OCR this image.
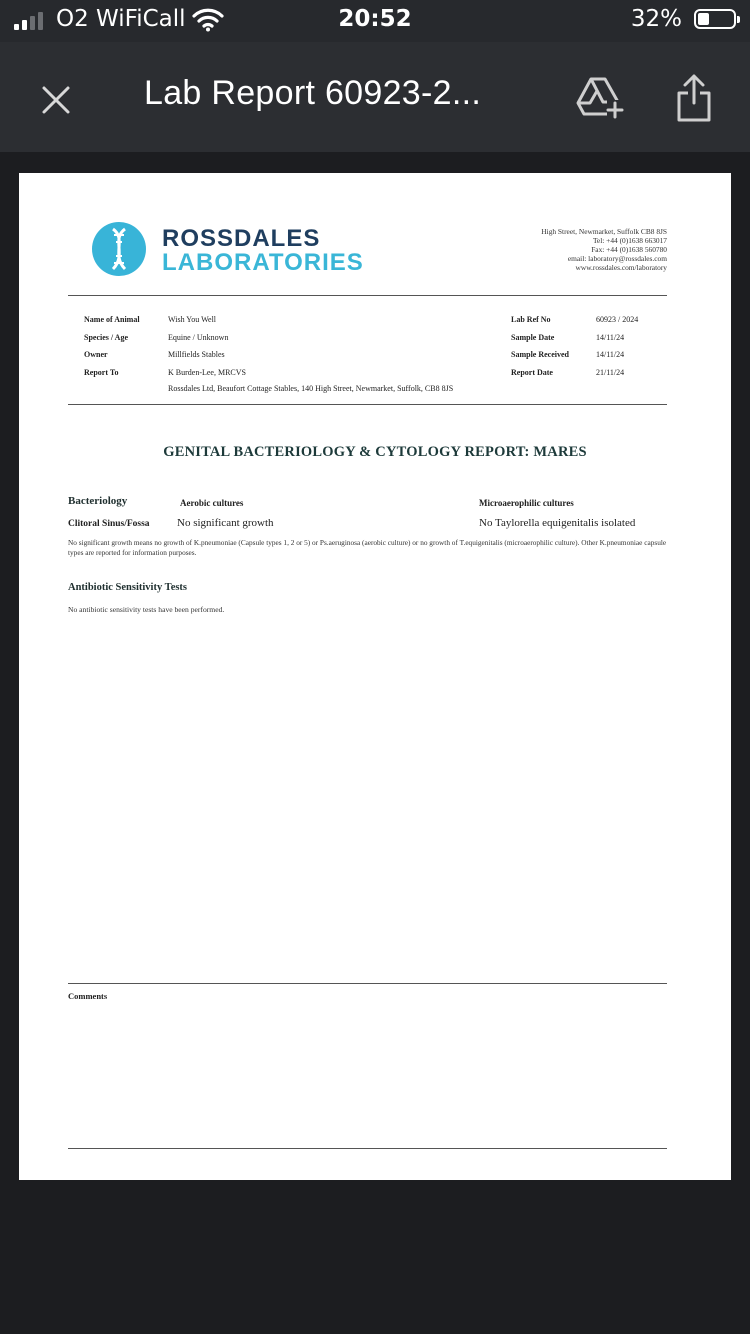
O2 WiFiCall	20:52	32%
Lab Report 60923-2...
ROSSDALES
LABORATORIES
High Street, Newmarket, Suffolk CB8 8JS
Tel: +44 (0)1638 663017
Fax: +44 (0)1638 560780
email: laboratory@rossdales.com
www.rossdales.com/laboratory
Name of Animal	Wish You Well
Species / Age	Equine / Unknown
Owner	Millfields Stables
Report To	K Burden-Lee, MRCVS
Rossdales Ltd, Beaufort Cottage Stables, 140 High Street, Newmarket, Suffolk, CB8 8JS
Lab Ref No	60923 / 2024
Sample Date	14/11/24
Sample Received	14/11/24
Report Date	21/11/24
GENITAL BACTERIOLOGY & CYTOLOGY REPORT: MARES
Bacteriology	Aerobic cultures	Microaerophilic cultures
Clitoral Sinus/Fossa No significant growth	No Taylorella equigenitalis isolated
No significant growth means no growth of K.pneumoniae (Capsule types 1, 2 or 5) or Ps.aeruginosa (aerobic culture) or no growth of T.equigenitalis (microaerophilic culture). Other K.pneumoniae capsule types are reported for information purposes.
Antibiotic Sensitivity Tests
No antibiotic sensitivity tests have been performed.
Comments
